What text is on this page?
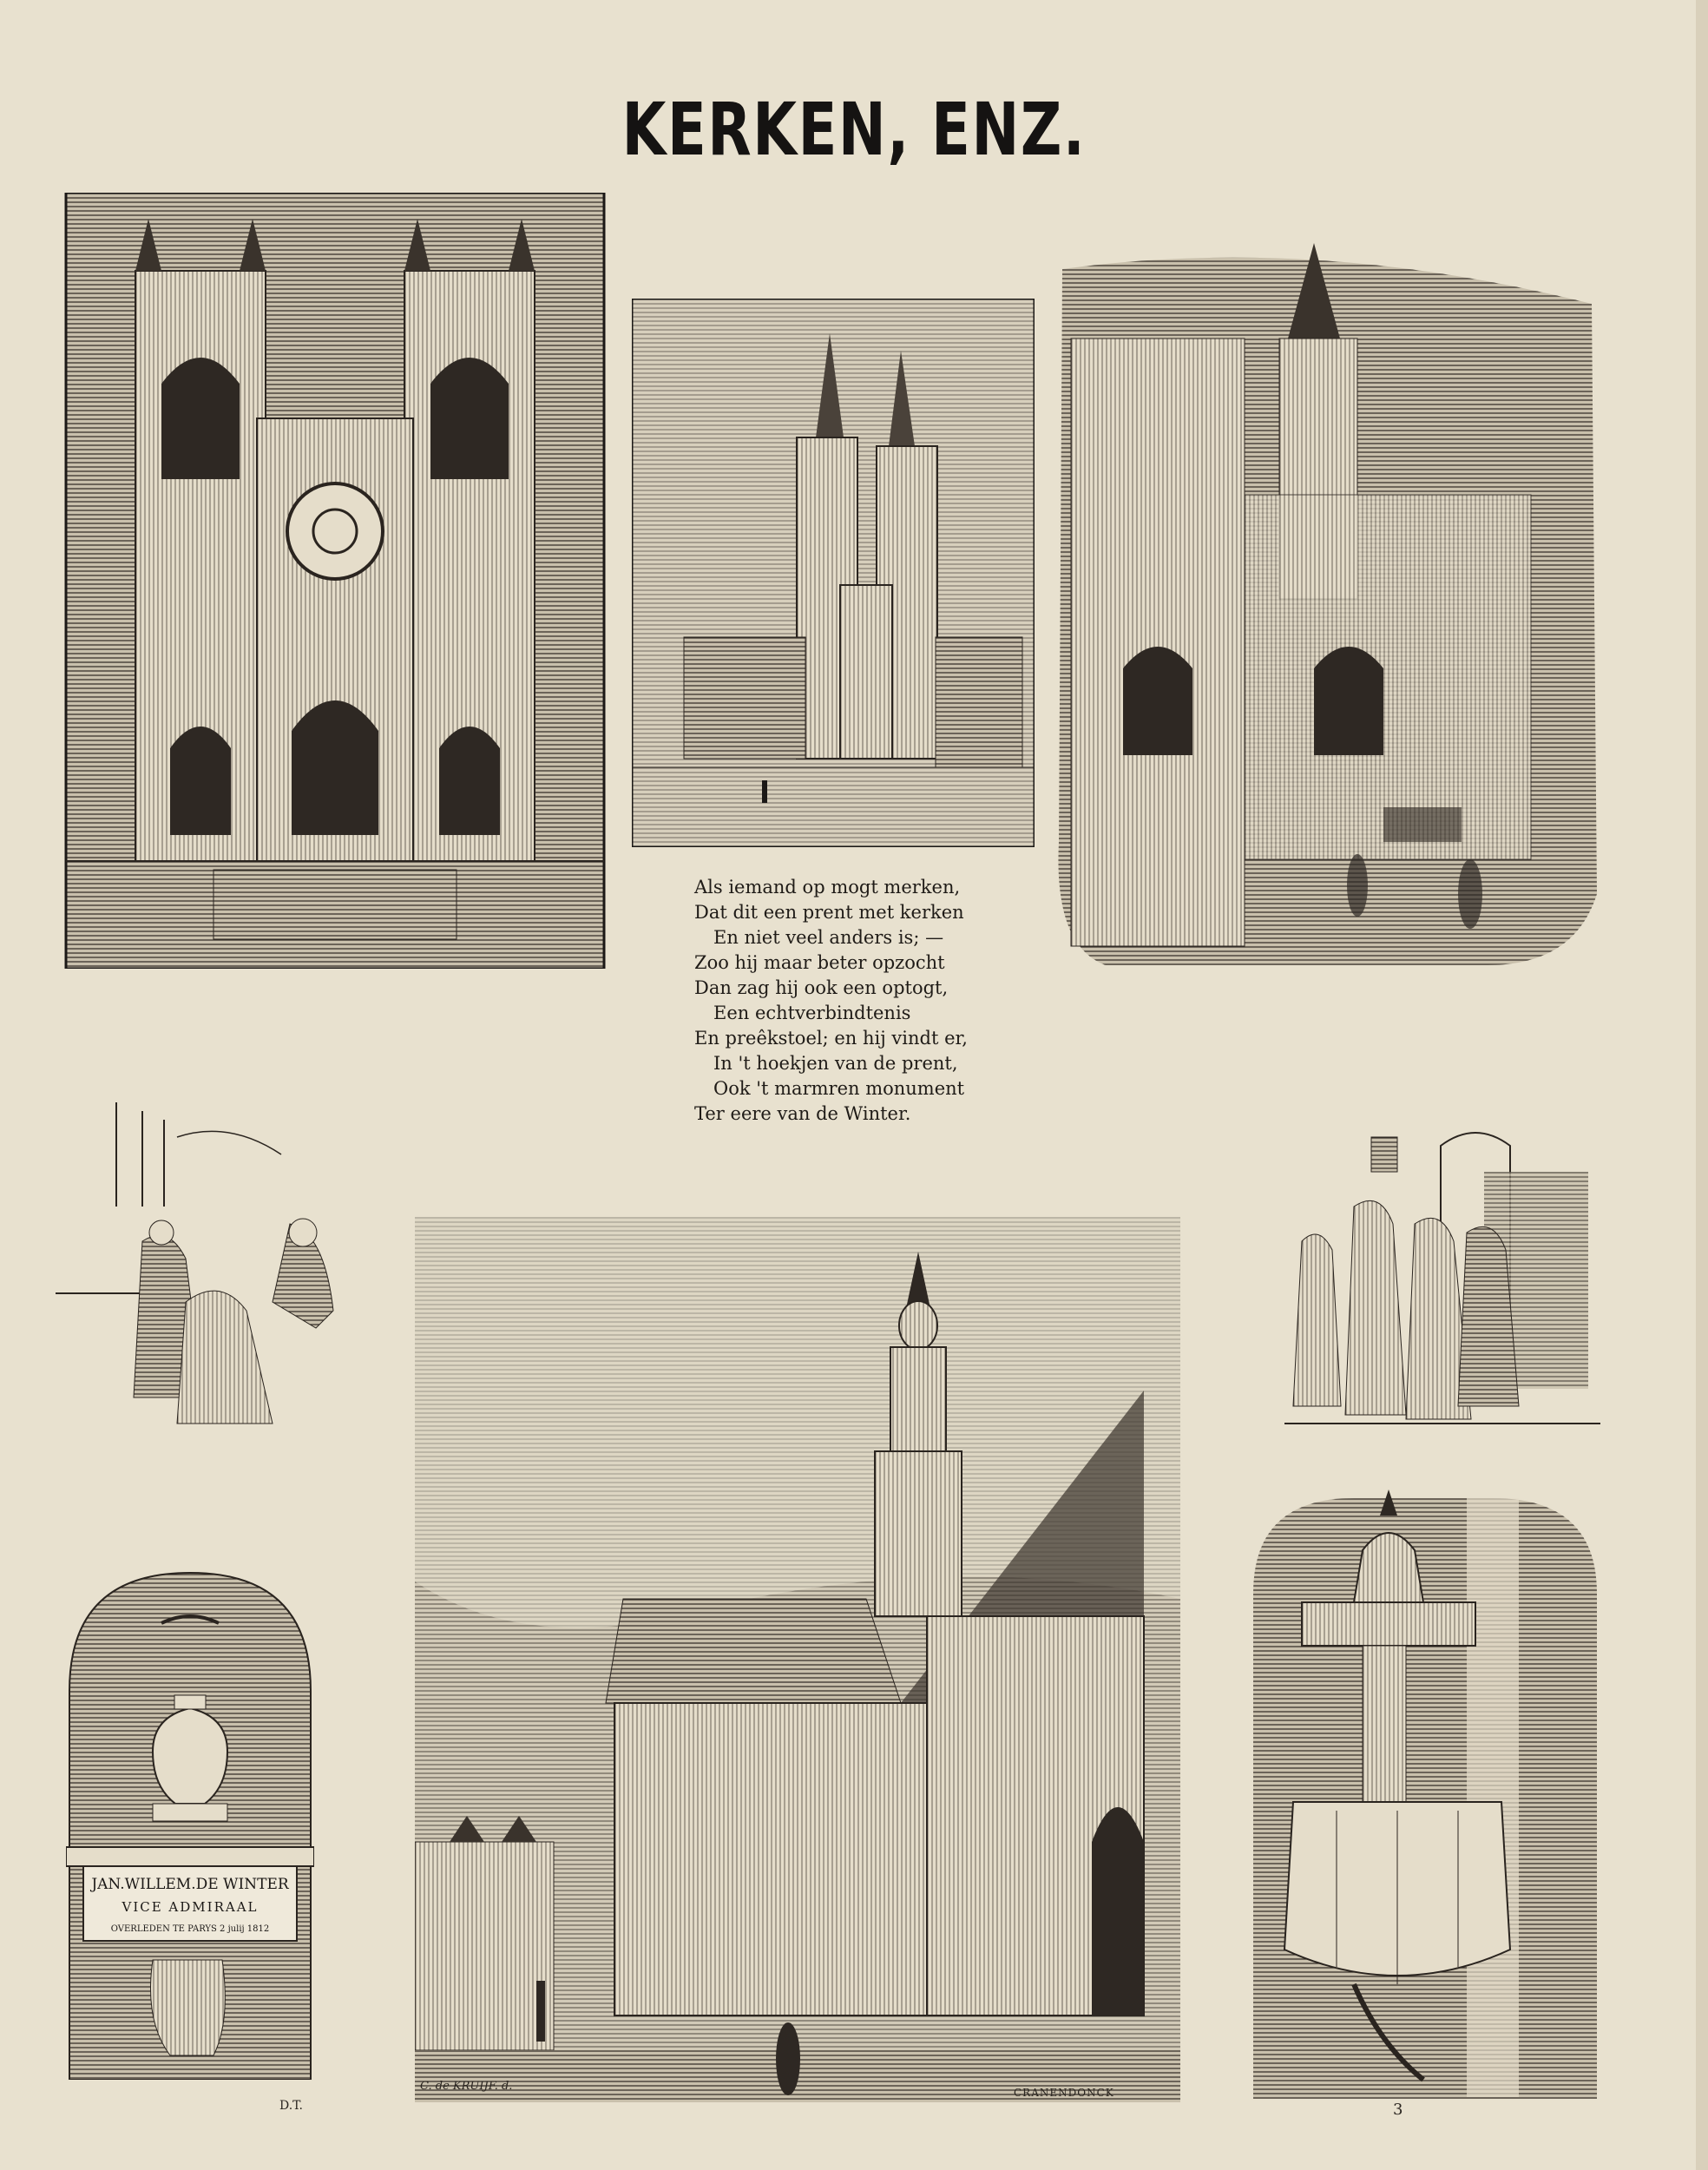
KERKEN, ENZ.
Als iemand op mogt merken,
Dat dit een prent met kerken
En niet veel anders is; —
Zoo hij maar beter opzocht
Dan zag hij ook een optogt,
Een echtverbindtenis
En preêkstoel; en hij vindt er,
In 't hoekjen van de prent,
Ook 't marmren monument
Ter eere van de Winter.
C. de KRUIJF. d.	CRANENDONCK
JAN.WILLEM.DE WINTER
VICE ADMIRAAL
OVERLEDEN TE PARYS 2 julij 1812
D.T.	3
